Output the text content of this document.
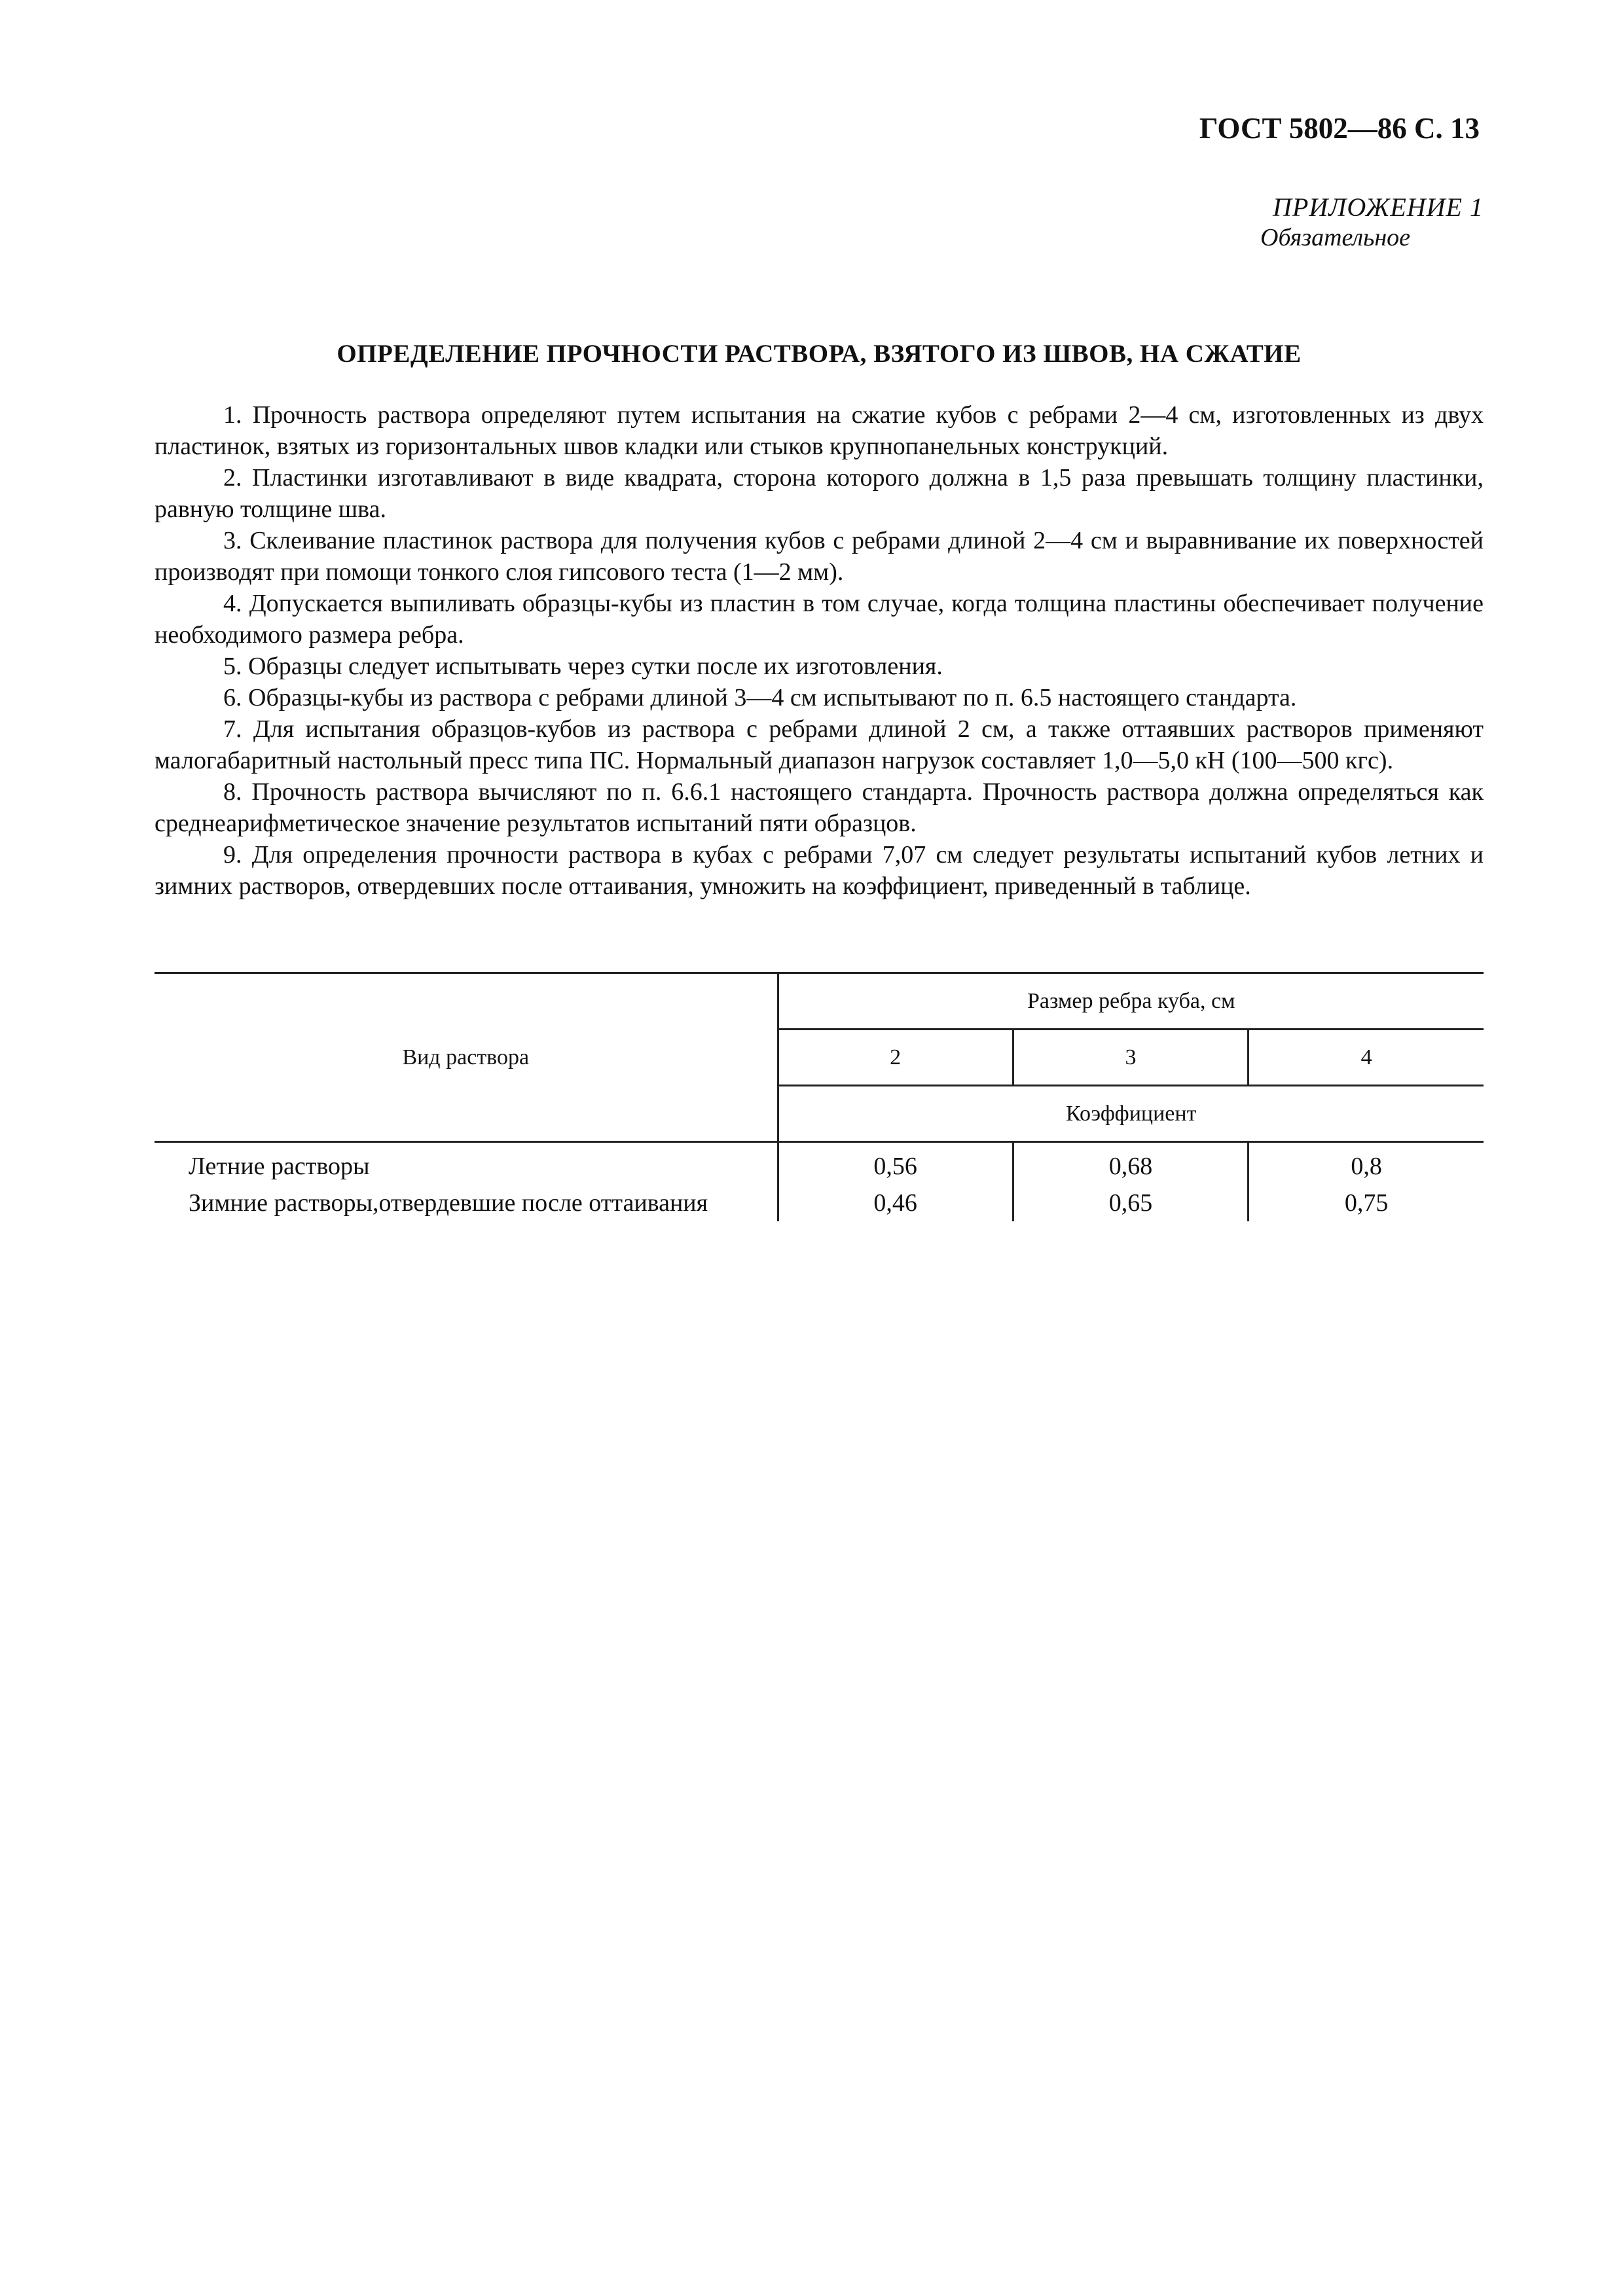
ГОСТ 5802—86 С. 13
ПРИЛОЖЕНИЕ 1
Обязательное
ОПРЕДЕЛЕНИЕ ПРОЧНОСТИ РАСТВОРА, ВЗЯТОГО ИЗ ШВОВ, НА СЖАТИЕ

1. Прочность раствора определяют путем испытания на сжатие кубов с ребрами 2—4 см, изготовленных из двух пластинок, взятых из горизонтальных швов кладки или стыков крупнопанельных конструкций.

2. Пластинки изготавливают в виде квадрата, сторона которого должна в 1,5 раза превышать толщину пластинки, равную толщине шва.

3. Склеивание пластинок раствора для получения кубов с ребрами длиной 2—4 см и выравнивание их поверхностей производят при помощи тонкого слоя гипсового теста (1—2 мм).

4. Допускается выпиливать образцы-кубы из пластин в том случае, когда толщина пластины обеспечивает получение необходимого размера ребра.

5. Образцы следует испытывать через сутки после их изготовления.

6. Образцы-кубы из раствора с ребрами длиной 3—4 см испытывают по п. 6.5 настоящего стандарта.

7. Для испытания образцов-кубов из раствора с ребрами длиной 2 см, а также оттаявших растворов применяют малогабаритный настольный пресс типа ПС. Нормальный диапазон нагрузок составляет 1,0—5,0 кН (100—500 кгс).

8. Прочность раствора вычисляют по п. 6.6.1 настоящего стандарта. Прочность раствора должна определяться как среднеарифметическое значение результатов испытаний пяти образцов.

9. Для определения прочности раствора в кубах с ребрами 7,07 см следует результаты испытаний кубов летних и зимних растворов, отвердевших после оттаивания, умножить на коэффициент, приведенный в таблице.

Вид раствора	Размер ребра куба, см		
	2	3	4
	Коэффициент		
Летние растворы	0,56	0,68	0,8
Зимние растворы,отвердевшие после оттаивания	0,46	0,65	0,75
